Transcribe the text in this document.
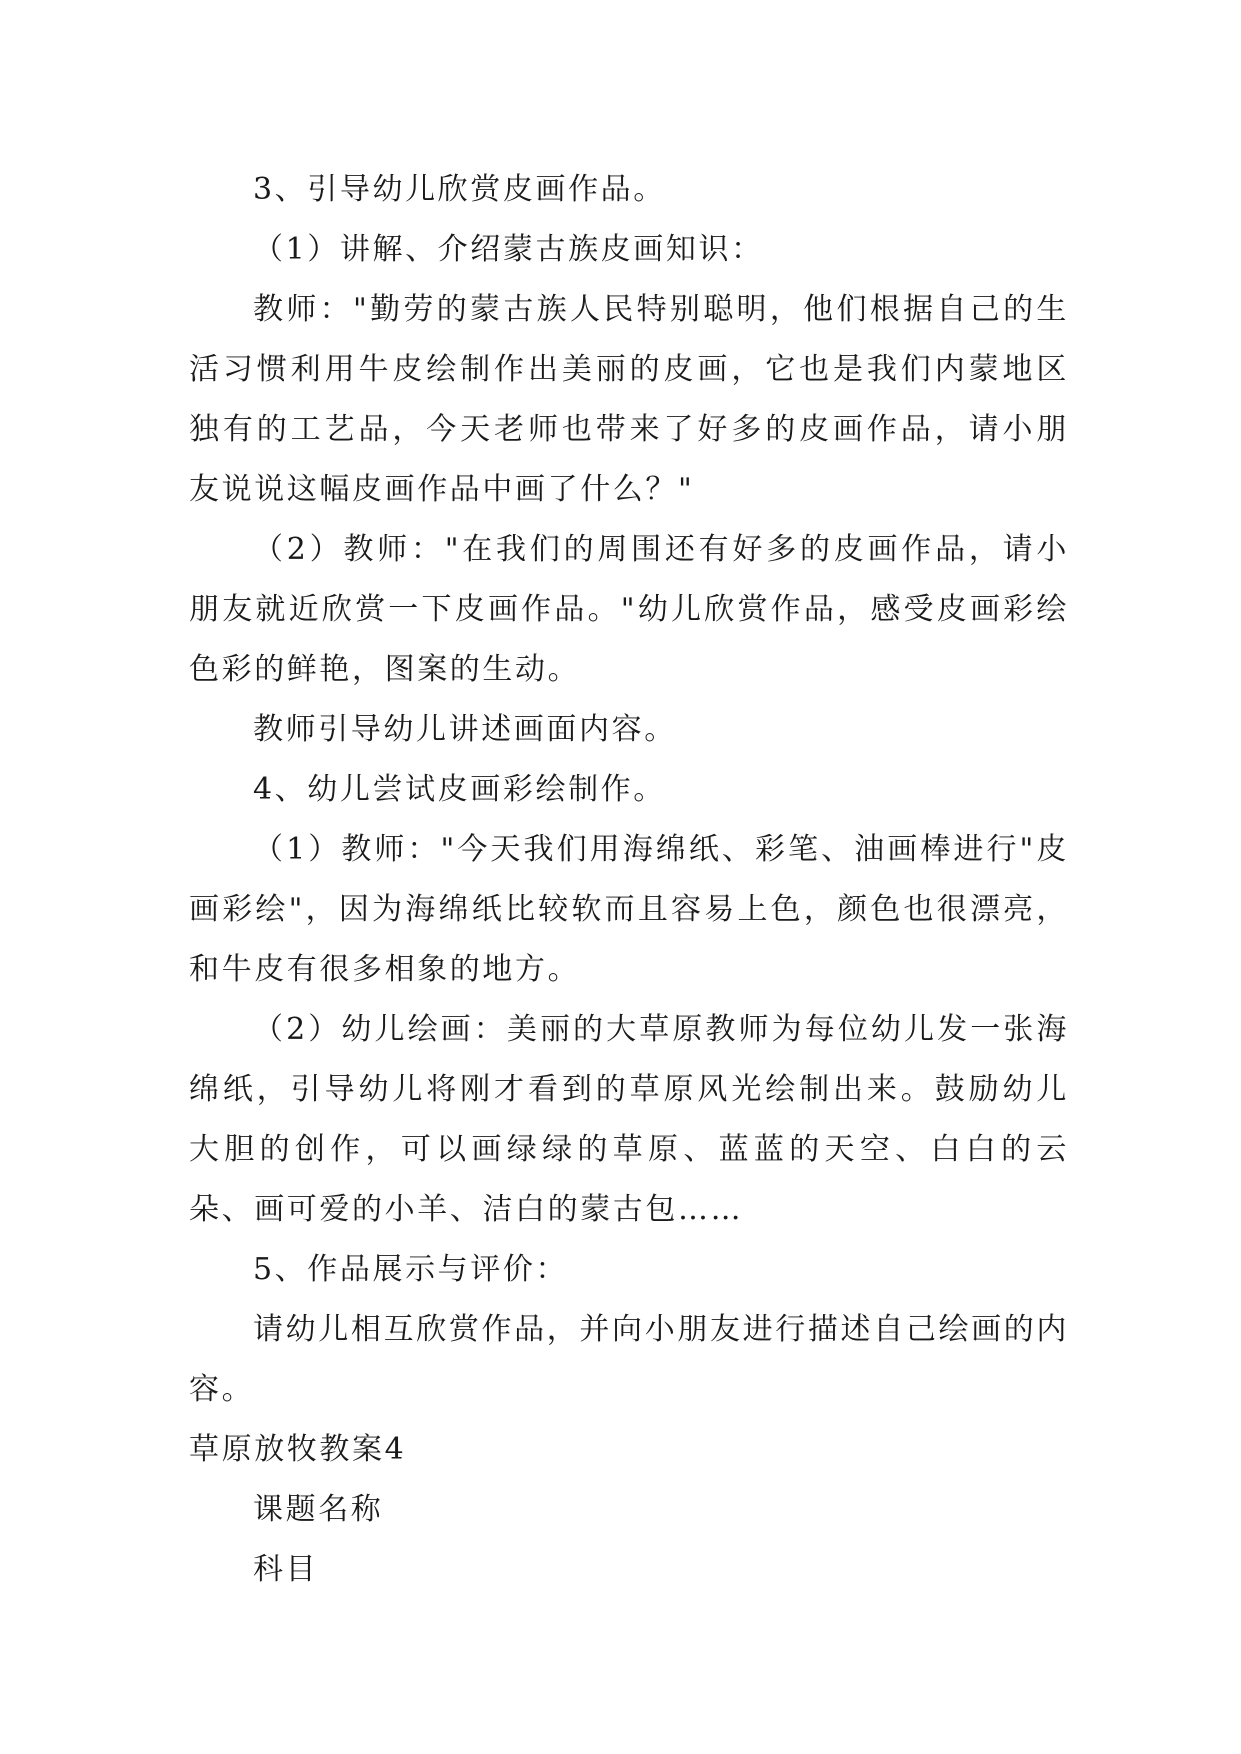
3、引导幼儿欣赏皮画作品。

（1）讲解、介绍蒙古族皮画知识：

教师："勤劳的蒙古族人民特别聪明，他们根据自己的生活习惯利用牛皮绘制作出美丽的皮画，它也是我们内蒙地区独有的工艺品，今天老师也带来了好多的皮画作品，请小朋友说说这幅皮画作品中画了什么？"

（2）教师："在我们的周围还有好多的皮画作品，请小朋友就近欣赏一下皮画作品。"幼儿欣赏作品，感受皮画彩绘色彩的鲜艳，图案的生动。

教师引导幼儿讲述画面内容。

4、幼儿尝试皮画彩绘制作。

（1）教师："今天我们用海绵纸、彩笔、油画棒进行"皮画彩绘"，因为海绵纸比较软而且容易上色，颜色也很漂亮，和牛皮有很多相象的地方。

（2）幼儿绘画：美丽的大草原教师为每位幼儿发一张海绵纸，引导幼儿将刚才看到的草原风光绘制出来。鼓励幼儿大胆的创作，可以画绿绿的草原、蓝蓝的天空、白白的云朵、画可爱的小羊、洁白的蒙古包……

5、作品展示与评价：

请幼儿相互欣赏作品，并向小朋友进行描述自己绘画的内容。

草原放牧教案4

课题名称

科目
